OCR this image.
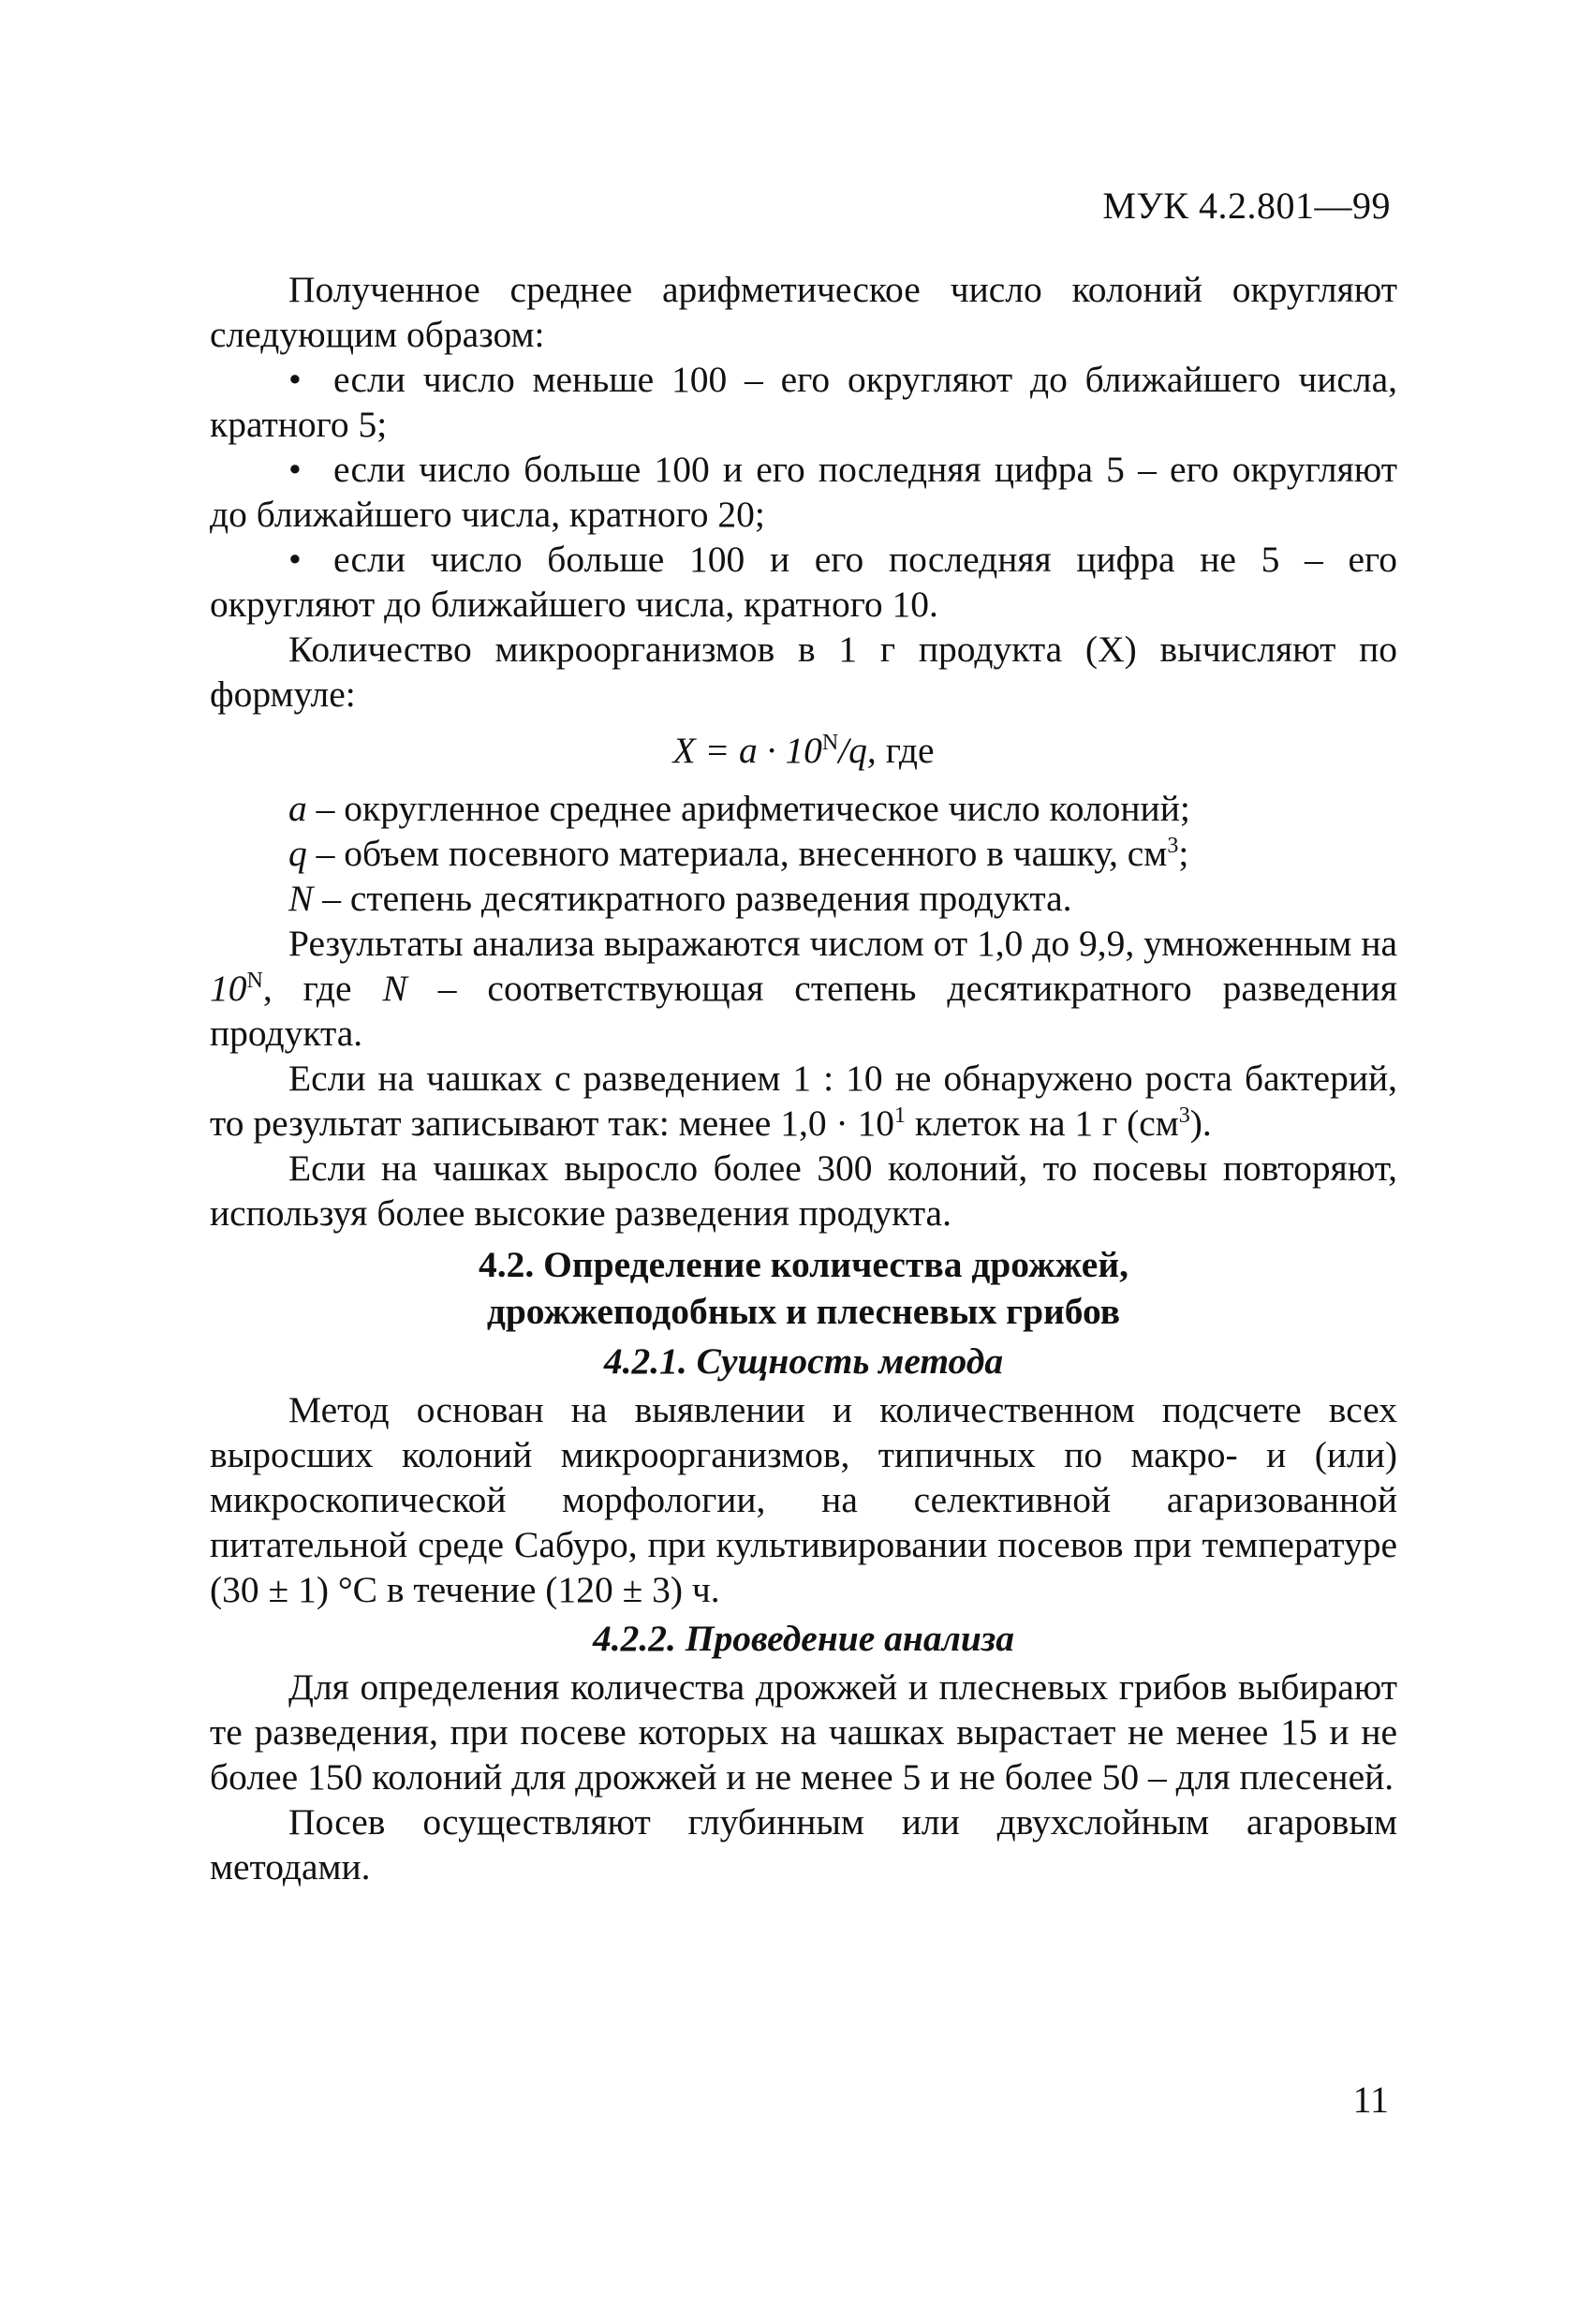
МУК 4.2.801—99

Полученное среднее арифметическое число колоний округляют следующим образом:

• если число меньше 100 – его округляют до ближайшего числа, кратного 5;

• если число больше 100 и его последняя цифра 5 – его округляют до ближайшего числа, кратного 20;

• если число больше 100 и его последняя цифра не 5 – его округляют до ближайшего числа, кратного 10.

Количество микроорганизмов в 1 г продукта (X) вычисляют по формуле:

$X = a \cdot 10^N/q$, где

a – округленное среднее арифметическое число колоний;

q – объем посевного материала, внесенного в чашку, $см^3$;

N – степень десятикратного разведения продукта.

Результаты анализа выражаются числом от 1,0 до 9,9, умноженным на $10^N$, где N – соответствующая степень десятикратного разведения продукта.

Если на чашках с разведением 1 : 10 не обнаружено роста бактерий, то результат записывают так: менее $1,0 \cdot 10^1$ клеток на 1 г $(см^3)$.

Если на чашках выросло более 300 колоний, то посевы повторяют, используя более высокие разведения продукта.

4.2. Определение количества дрожжей,
дрожжеподобных и плесневых грибов
4.2.1. Сущность метода

Метод основан на выявлении и количественном подсчете всех выросших колоний микроорганизмов, типичных по макро- и (или) микроскопической морфологии, на селективной агаризованной питательной среде Сабуро, при культивировании посевов при температуре (30 ± 1) °С в течение (120 ± 3) ч.

4.2.2. Проведение анализа

Для определения количества дрожжей и плесневых грибов выбирают те разведения, при посеве которых на чашках вырастает не менее 15 и не более 150 колоний для дрожжей и не менее 5 и не более 50 – для плесеней.

Посев осуществляют глубинным или двухслойным агаровым методами.

11
